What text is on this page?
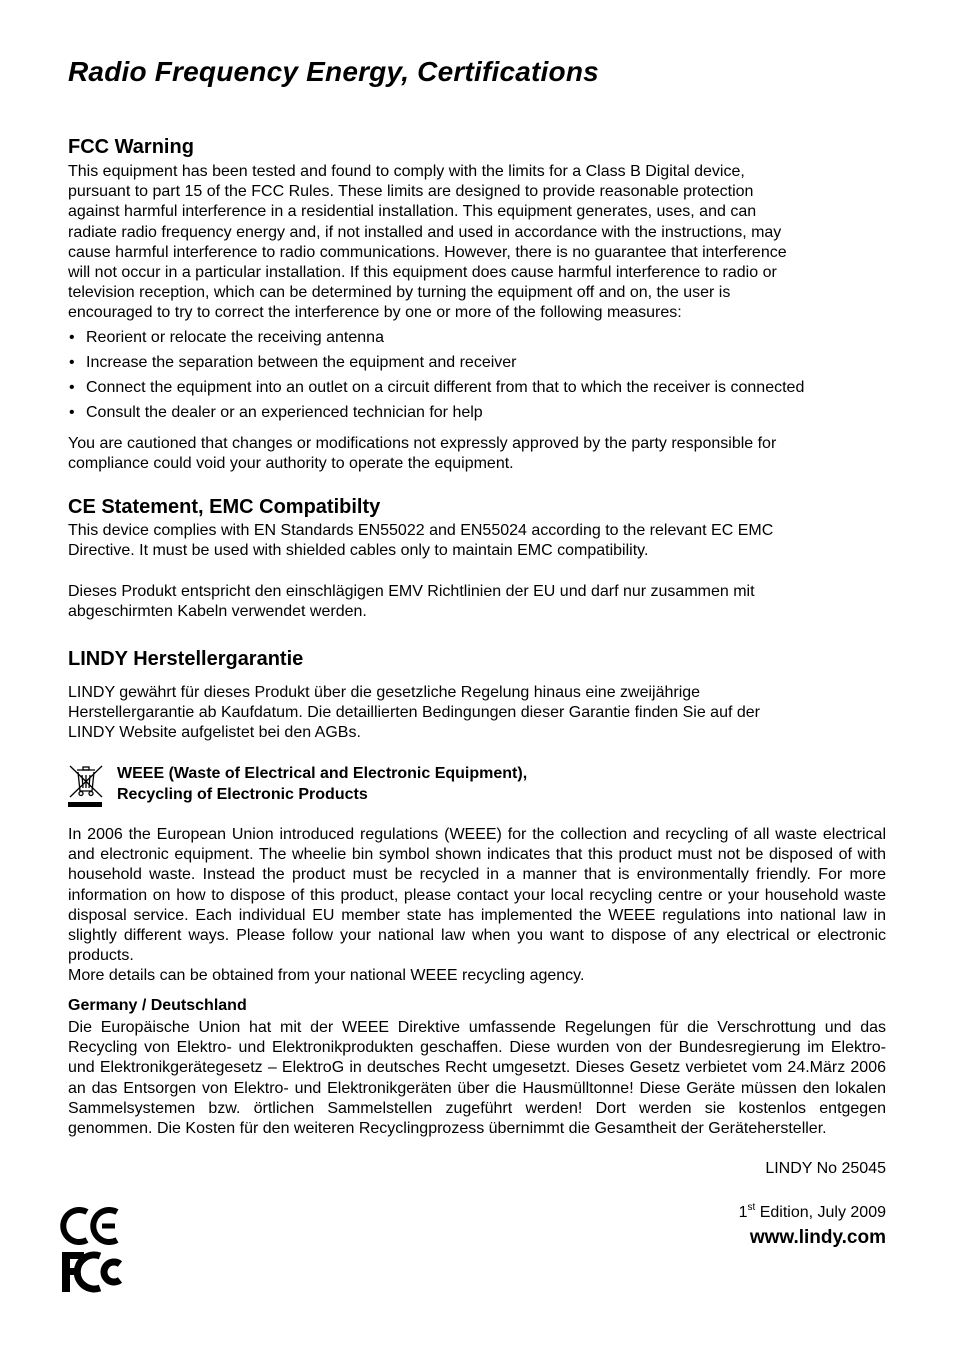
Radio Frequency Energy, Certifications
FCC Warning
This equipment has been tested and found to comply with the limits for a Class B Digital device,
pursuant to part 15 of the FCC Rules. These limits are designed to provide reasonable protection
against harmful interference in a residential installation. This equipment generates, uses, and can
radiate radio frequency energy and, if not installed and used in accordance with the instructions, may
cause harmful interference to radio communications. However, there is no guarantee that interference
will not occur in a particular installation. If this equipment does cause harmful interference to radio or
television reception, which can be determined by turning the equipment off and on, the user is
encouraged to try to correct the interference by one or more of the following measures:
• Reorient or relocate the receiving antenna
• Increase the separation between the equipment and receiver
• Connect the equipment into an outlet on a circuit different from that to which the receiver is connected
• Consult the dealer or an experienced technician for help
You are cautioned that changes or modifications not expressly approved by the party responsible for
compliance could void your authority to operate the equipment.
CE Statement, EMC Compatibilty
This device complies with EN Standards EN55022 and EN55024 according to the relevant EC EMC
Directive. It must be used with shielded cables only to maintain EMC compatibility.
Dieses Produkt entspricht den einschlägigen EMV Richtlinien der EU und darf nur zusammen mit
abgeschirmten Kabeln verwendet werden.
LINDY Herstellergarantie
LINDY gewährt für dieses Produkt über die gesetzliche Regelung hinaus eine zweijährige
Herstellergarantie ab Kaufdatum. Die detaillierten Bedingungen dieser Garantie finden Sie auf der
LINDY Website aufgelistet bei den AGBs.
WEEE (Waste of Electrical and Electronic Equipment),
Recycling of Electronic Products
In 2006 the European Union introduced regulations (WEEE) for the collection and recycling of all waste electrical and electronic equipment. The wheelie bin symbol shown indicates that this product must not be disposed of with household waste. Instead the product must be recycled in a manner that is environmentally friendly. For more information on how to dispose of this product, please contact your local recycling centre or your household waste disposal service. Each individual EU member state has implemented the WEEE regulations into national law in slightly different ways. Please follow your national law when you want to dispose of any electrical or electronic products.
More details can be obtained from your national WEEE recycling agency.
Germany / Deutschland
Die Europäische Union hat mit der WEEE Direktive umfassende Regelungen für die Verschrottung und das Recycling von Elektro- und Elektronikprodukten geschaffen. Diese wurden von der Bundesregierung im Elektro- und Elektronikgerätegesetz – ElektroG in deutsches Recht umgesetzt. Dieses Gesetz verbietet vom 24.März 2006 an das Entsorgen von Elektro- und Elektronikgeräten über die Hausmülltonne! Diese Geräte müssen den lokalen Sammelsystemen bzw. örtlichen Sammelstellen zugeführt werden! Dort werden sie kostenlos entgegen genommen. Die Kosten für den weiteren Recyclingprozess übernimmt die Gesamtheit der Gerätehersteller.
LINDY No 25045
1st Edition, July 2009
www.lindy.com
